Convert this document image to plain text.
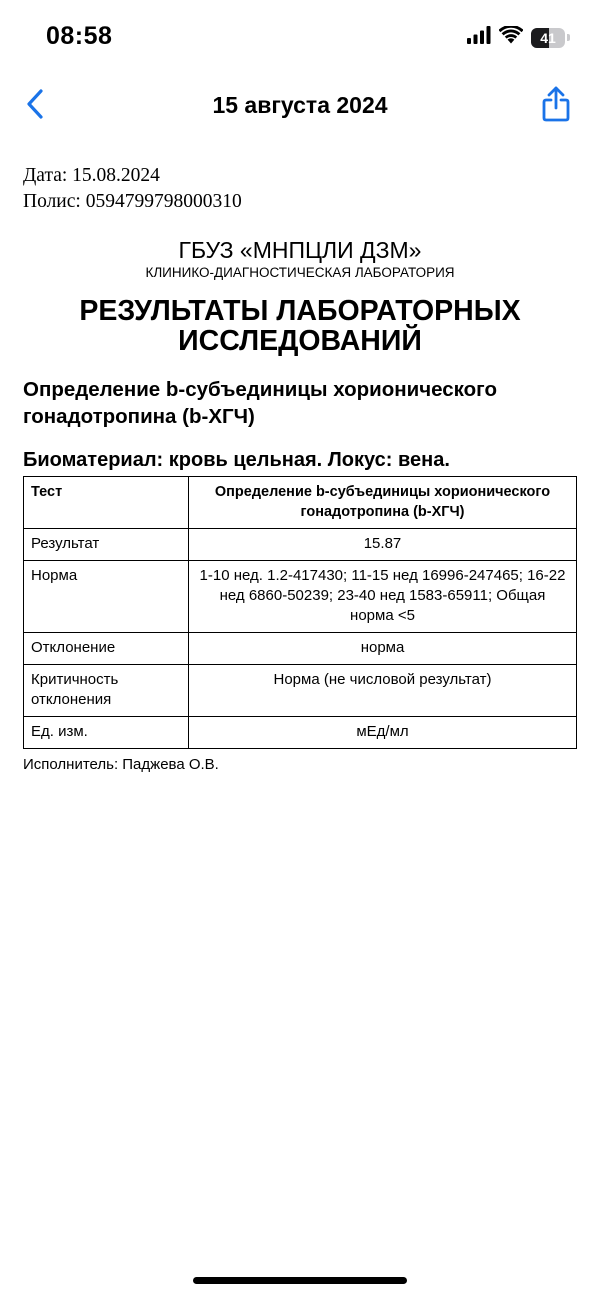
08:58	41
15 августа 2024
Дата: 15.08.2024
Полис: 0594799798000310
ГБУЗ «МНПЦЛИ ДЗМ»
КЛИНИКО-ДИАГНОСТИЧЕСКАЯ ЛАБОРАТОРИЯ
РЕЗУЛЬТАТЫ ЛАБОРАТОРНЫХ ИССЛЕДОВАНИЙ
Определение b-субъединицы хорионического гонадотропина (b-ХГЧ)
Биоматериал: кровь цельная. Локус: вена.
Тест	Определение b-субъединицы хорионического гонадотропина (b-ХГЧ)
Результат	15.87
Норма	1-10 нед. 1.2-417430; 11-15 нед 16996-247465; 16-22 нед 6860-50239; 23-40 нед 1583-65911; Общая норма <5
Отклонение	норма
Критичность отклонения	Норма (не числовой результат)
Ед. изм.	мЕд/мл
Исполнитель: Паджева О.В.
